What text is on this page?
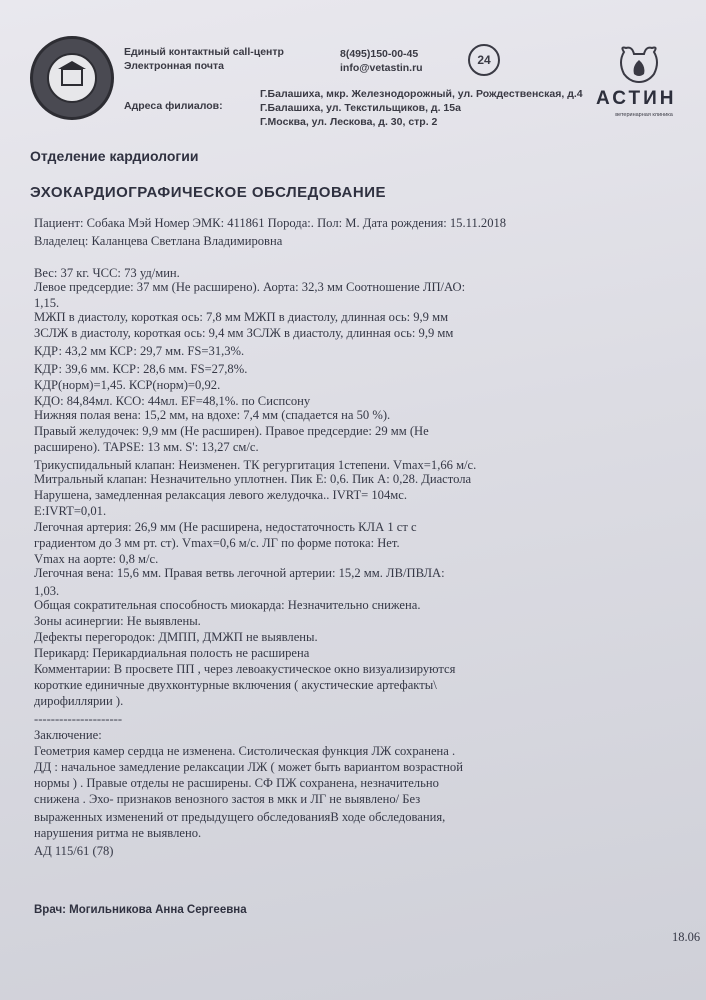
Единый контактный call-центр	8(495)150-00-45
Электронная почта	info@vetastin.ru
24
Адреса филиалов:
Г.Балашиха, мкр. Железнодорожный, ул. Рождественская, д.4
Г.Балашиха, ул. Текстильщиков, д. 15а
Г.Москва, ул. Лескова, д. 30, стр. 2
АСТИН
ветеринарная клиника
Отделение кардиологии
ЭХОКАРДИОГРАФИЧЕСКОЕ ОБСЛЕДОВАНИЕ
Пациент: Собака Мэй Номер ЭМК: 411861 Порода:. Пол: М. Дата рождения: 15.11.2018
Владелец: Каланцева Светлана Владимировна
Вес: 37 кг. ЧСС: 73 уд/мин.
Левое предсердие: 37 мм (Не расширено). Аорта: 32,3 мм Соотношение ЛП/АО:
1,15.
МЖП в диастолу, короткая ось: 7,8 мм МЖП в диастолу, длинная ось: 9,9 мм
ЗСЛЖ в диастолу, короткая ось: 9,4 мм ЗСЛЖ в диастолу, длинная ось: 9,9 мм
КДР: 43,2 мм КСР: 29,7 мм. FS=31,3%.
КДР: 39,6 мм. КСР: 28,6 мм. FS=27,8%.
КДР(норм)=1,45. КСР(норм)=0,92.
КДО: 84,84мл. КСО: 44мл. EF=48,1%. по Сиспсону
Нижняя полая вена: 15,2 мм, на вдохе: 7,4 мм (спадается на 50 %).
Правый желудочек: 9,9 мм (Не расширен). Правое предсердие: 29 мм (Не
расширено). TAPSE: 13 мм. S': 13,27 см/с.
Трикуспидальный клапан: Неизменен. ТК регургитация 1степени. Vmax=1,66 м/с.
Митральный клапан: Незначительно уплотнен. Пик Е: 0,6. Пик А: 0,28. Диастола
Нарушена, замедленная релаксация левого желудочка.. IVRT= 104мс.
E:IVRT=0,01.
Легочная артерия: 26,9 мм (Не расширена, недостаточность КЛА 1 ст с
градиентом до 3 мм рт. ст). Vmax=0,6 м/с. ЛГ по форме потока: Нет.
Vmax на аорте: 0,8 м/с.
Легочная вена: 15,6 мм. Правая ветвь легочной артерии: 15,2 мм. ЛВ/ПВЛА:
1,03.
Общая сократительная способность миокарда: Незначительно снижена.
Зоны асинергии: Не выявлены.
Дефекты перегородок: ДМПП, ДМЖП не выявлены.
Перикард: Перикардиальная полость не расширена
Комментарии: В просвете ПП , через левоакустическое окно визуализируются
короткие единичные двухконтурные включения ( акустические артефакты\
дирофиллярии ).
---------------------
Заключение:
Геометрия камер сердца не изменена. Систолическая функция ЛЖ сохранена .
ДД : начальное замедление релаксации ЛЖ ( может быть вариантом возрастной
нормы ) . Правые отделы не расширены. СФ ПЖ сохранена, незначительно
снижена . Эхо- признаков венозного застоя в мкк и ЛГ не выявлено/ Без
выраженных изменений от предыдущего обследованияВ ходе обследования,
нарушения ритма не выявлено.
АД 115/61 (78)
Врач: Могильникова Анна Сергеевна
18.06
